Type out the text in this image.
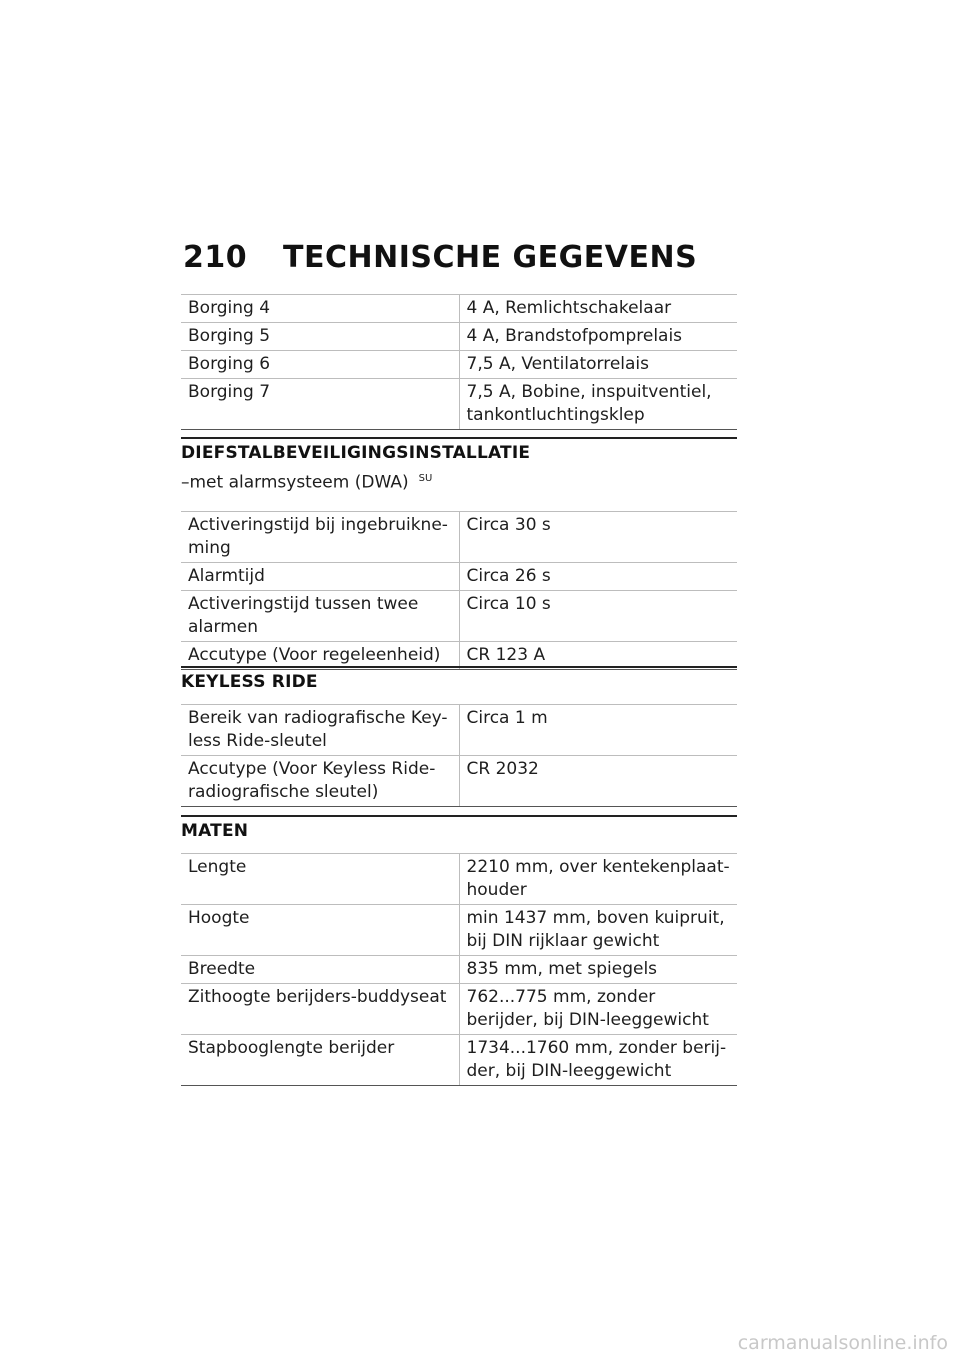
210 TECHNISCHE GEGEVENS
Borging 4	4 A, Remlichtschakelaar
Borging 5	4 A, Brandstofpomprelais
Borging 6	7,5 A, Ventilatorrelais
Borging 7	7,5 A, Bobine, inspuitventiel, tankontluchtingsklep
DIEFSTALBEVEILIGINGSINSTALLATIE
–met alarmsysteem (DWA) $^{SU}$
Activeringstijd bij ingebruikne-ming	Circa 30 s
Alarmtijd	Circa 26 s
Activeringstijd tussen twee alarmen	Circa 10 s
Accutype (Voor regeleenheid)	CR 123 A
KEYLESS RIDE
Bereik van radiografische Key-less Ride-sleutel	Circa 1 m
Accutype (Voor Keyless Ride-radiografische sleutel)	CR 2032
MATEN
Lengte	2210 mm, over kentekenplaat-houder
Hoogte	min 1437 mm, boven kuipruit, bij DIN rijklaar gewicht
Breedte	835 mm, met spiegels
Zithoogte berijders-buddyseat	762...775 mm, zonder berijder, bij DIN-leeggewicht
Stapbooglengte berijder	1734...1760 mm, zonder berij-der, bij DIN-leeggewicht
carmanualsonline.info
